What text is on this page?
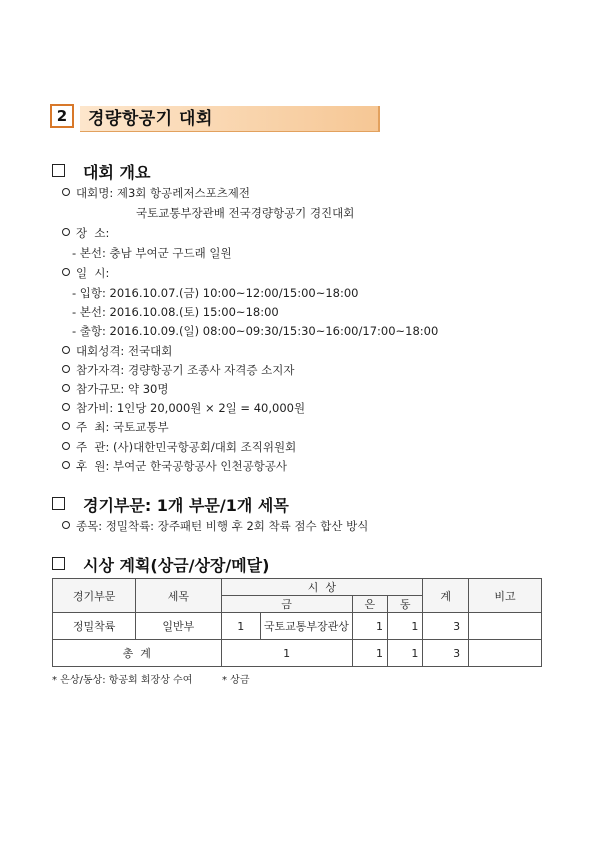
2	경량항공기 대회
대회 개요
대회명: 제3회 항공레저스포츠제전
국토교통부장관배 전국경량항공기 경진대회
장  소:
- 본선: 충남 부여군 구드래 일원
일  시:
- 입항: 2016.10.07.(금) 10:00~12:00/15:00~18:00
- 본선: 2016.10.08.(토) 15:00~18:00
- 출항: 2016.10.09.(일) 08:00~09:30/15:30~16:00/17:00~18:00
대회성격: 전국대회
참가자격: 경량항공기 조종사 자격증 소지자
참가규모: 약 30명
참가비: 1인당 20,000원 × 2일 = 40,000원
주  최: 국토교통부
주  관: (사)대한민국항공회/대회 조직위원회
후  원: 부여군 한국공항공사 인천공항공사
경기부문: 1개 부문/1개 세목
종목: 정밀착륙: 장주패턴 비행 후 2회 착륙 점수 합산 방식
시상 계획(상금/상장/메달)
경기부문	세목	시  상				계	비고
		금		은	동		
정밀착륙	일반부	1	국토교통부장관상	1	1	3	
총  계		1		1	1	3	
* 은상/동상: 항공회 회장상 수여	* 상금
